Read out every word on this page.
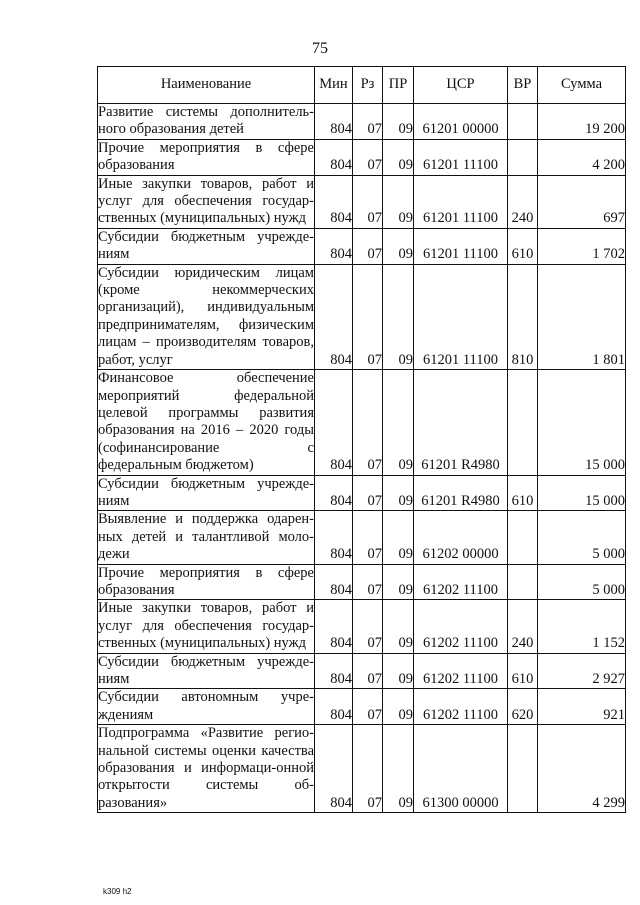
75
Наименование	Мин	Рз	ПР	ЦСР	ВР	Сумма
Развитие системы дополнитель-ного образования детей	804	07	09	61201 00000		19 200
Прочие мероприятия в сфере образования	804	07	09	61201 11100		4 200
Иные закупки товаров, работ и услуг для обеспечения государ-ственных (муниципальных) нужд	804	07	09	61201 11100	240	697
Субсидии бюджетным учрежде-ниям	804	07	09	61201 11100	610	1 702
Субсидии юридическим лицам (кроме некоммерческих организаций), индивидуальным предпринимателям, физическим лицам – производителям товаров, работ, услуг	804	07	09	61201 11100	810	1 801
Финансовое обеспечение мероприятий федеральной целевой программы развития образования на 2016 – 2020 годы (софинансирование с федеральным бюджетом)	804	07	09	61201 R4980		15 000
Субсидии бюджетным учрежде-ниям	804	07	09	61201 R4980	610	15 000
Выявление и поддержка одарен-ных детей и талантливой моло-дежи	804	07	09	61202 00000		5 000
Прочие мероприятия в сфере образования	804	07	09	61202 11100		5 000
Иные закупки товаров, работ и услуг для обеспечения государ-ственных (муниципальных) нужд	804	07	09	61202 11100	240	1 152
Субсидии бюджетным учрежде-ниям	804	07	09	61202 11100	610	2 927
Субсидии автономным учре-ждениям	804	07	09	61202 11100	620	921
Подпрограмма «Развитие регио-нальной системы оценки качества образования и информаци-онной открытости системы об-разования»	804	07	09	61300 00000		4 299
k309 h2
